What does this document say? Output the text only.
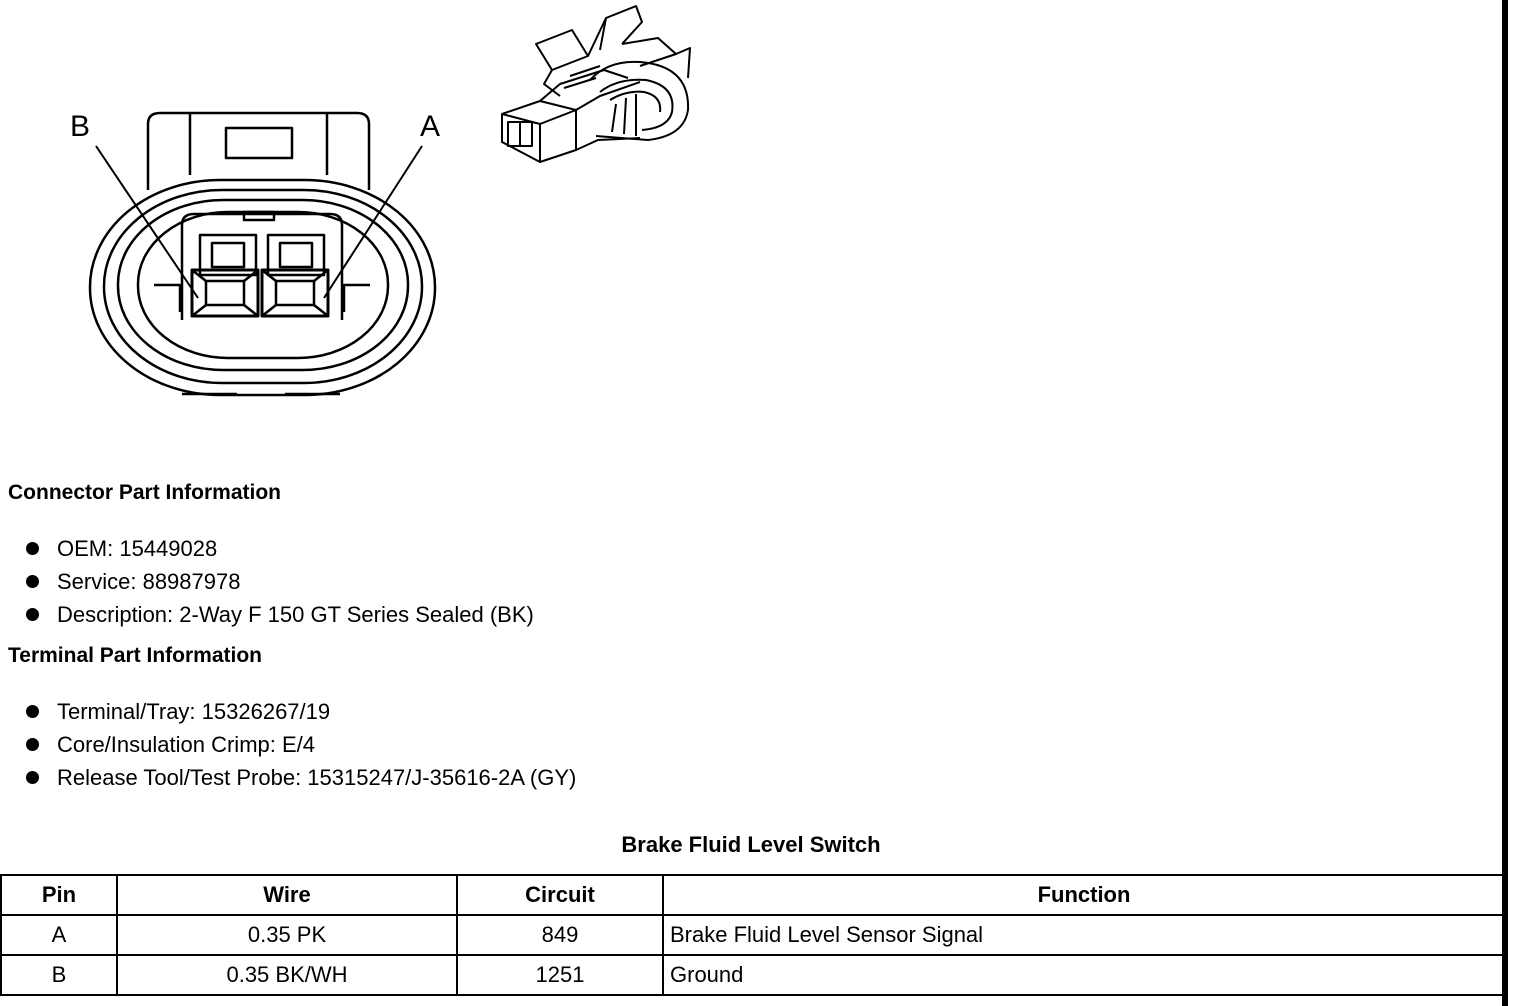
B	A
Connector Part Information
OEM: 15449028
Service: 88987978
Description: 2-Way F 150 GT Series Sealed (BK)
Terminal Part Information
Terminal/Tray: 15326267/19
Core/Insulation Crimp: E/4
Release Tool/Test Probe: 15315247/J-35616-2A (GY)
Brake Fluid Level Switch
Pin	Wire	Circuit	Function
A	0.35 PK	849	Brake Fluid Level Sensor Signal
B	0.35 BK/WH	1251	Ground
